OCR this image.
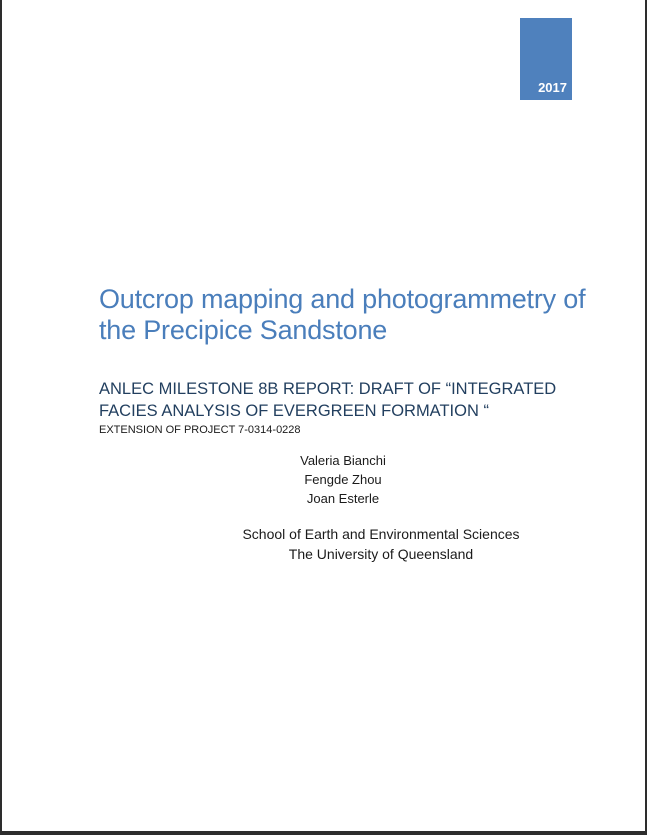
2017
Outcrop mapping and photogrammetry of
the Precipice Sandstone
ANLEC MILESTONE 8B REPORT: DRAFT OF “INTEGRATED
FACIES ANALYSIS OF EVERGREEN FORMATION “
EXTENSION OF PROJECT 7-0314-0228
Valeria Bianchi
Fengde Zhou
Joan Esterle
School of Earth and Environmental Sciences
The University of Queensland
